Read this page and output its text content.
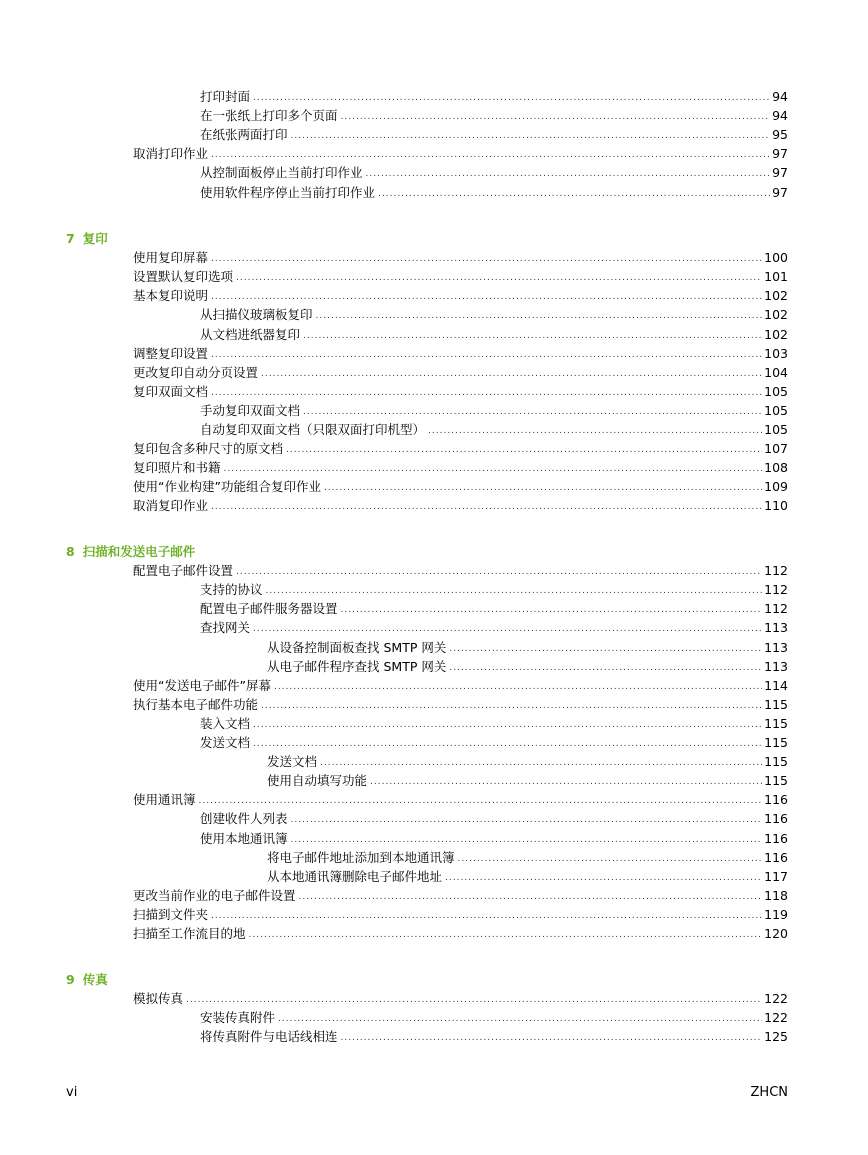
打印封面 .....	94
在一张纸上打印多个页面 .....	94
在纸张两面打印 .....	95
取消打印作业 .....	97
从控制面板停止当前打印作业 .....	97
使用软件程序停止当前打印作业 .....	97
7 复印
使用复印屏幕 .....	100
设置默认复印选项 .....	101
基本复印说明 .....	102
从扫描仪玻璃板复印 .....	102
从文档进纸器复印 .....	102
调整复印设置 .....	103
更改复印自动分页设置 .....	104
复印双面文档 .....	105
手动复印双面文档 .....	105
自动复印双面文档（只限双面打印机型） .....	105
复印包含多种尺寸的原文档 .....	107
复印照片和书籍 .....	108
使用“作业构建”功能组合复印作业 .....	109
取消复印作业 .....	110
8 扫描和发送电子邮件
配置电子邮件设置 .....	112
支持的协议 .....	112
配置电子邮件服务器设置 .....	112
查找网关 .....	113
从设备控制面板查找 SMTP 网关 .....	113
从电子邮件程序查找 SMTP 网关 .....	113
使用“发送电子邮件”屏幕 .....	114
执行基本电子邮件功能 .....	115
装入文档 .....	115
发送文档 .....	115
发送文档 .....	115
使用自动填写功能 .....	115
使用通讯簿 .....	116
创建收件人列表 .....	116
使用本地通讯簿 .....	116
将电子邮件地址添加到本地通讯簿 .....	116
从本地通讯簿删除电子邮件地址 .....	117
更改当前作业的电子邮件设置 .....	118
扫描到文件夹 .....	119
扫描至工作流目的地 .....	120
9 传真
模拟传真 .....	122
安装传真附件 .....	122
将传真附件与电话线相连 .....	125
vi	ZHCN
